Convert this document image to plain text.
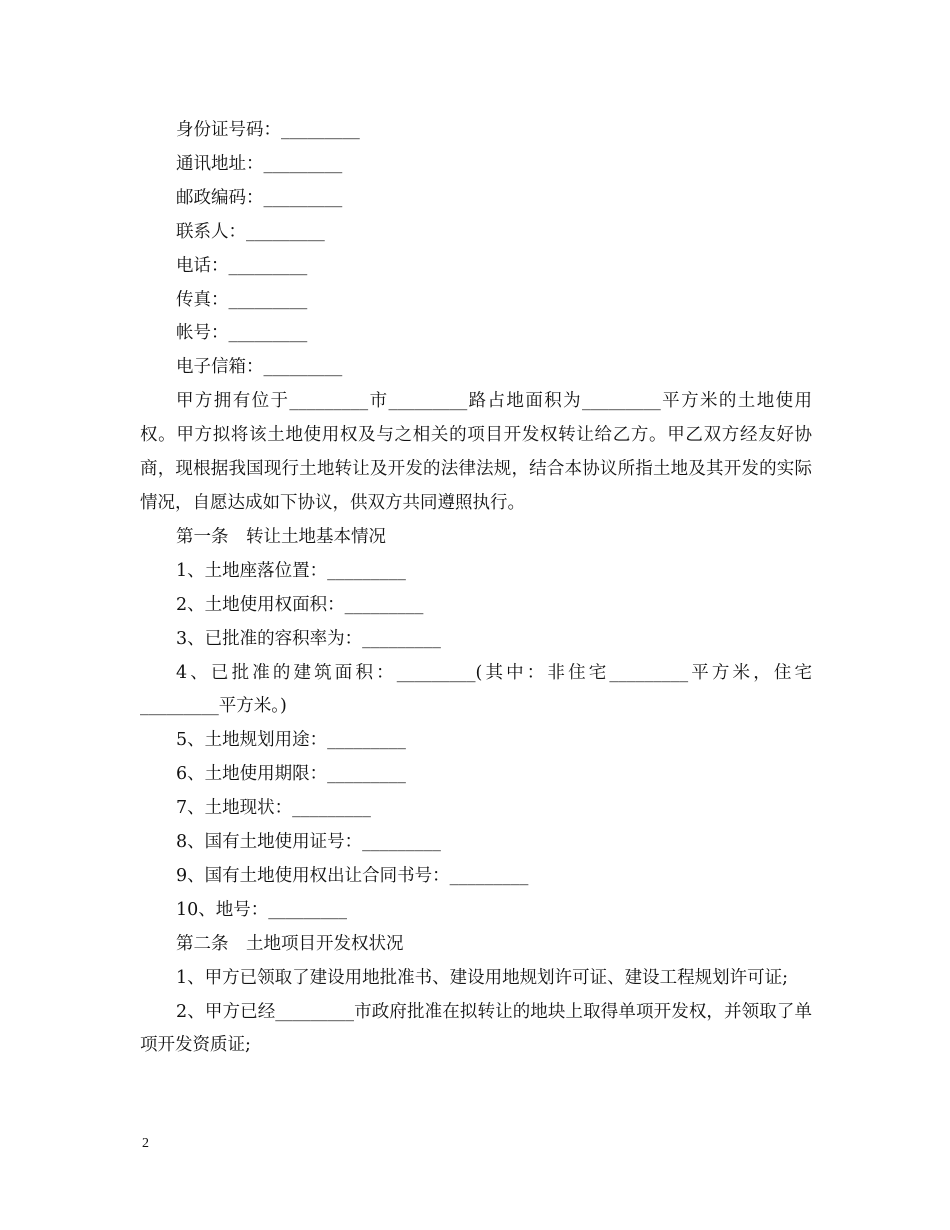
身份证号码：_________
通讯地址：_________
邮政编码：_________
联系人：_________
电话：_________
传真：_________
帐号：_________
电子信箱：_________

甲方拥有位于_________市_________路占地面积为_________平方米的土地使用权。甲方拟将该土地使用权及与之相关的项目开发权转让给乙方。甲乙双方经友好协商，现根据我国现行土地转让及开发的法律法规，结合本协议所指土地及其开发的实际情况，自愿达成如下协议，供双方共同遵照执行。

第一条　转让土地基本情况
1、土地座落位置：_________
2、土地使用权面积：_________
3、已批准的容积率为：_________

4、已批准的建筑面积：_________(其中：非住宅_________平方米，住宅_________平方米。)

5、土地规划用途：_________
6、土地使用期限：_________
7、土地现状：_________
8、国有土地使用证号：_________
9、国有土地使用权出让合同书号：_________
10、地号：_________
第二条　土地项目开发权状况

1、甲方已领取了建设用地批准书、建设用地规划许可证、建设工程规划许可证;

2、甲方已经_________市政府批准在拟转让的地块上取得单项开发权，并领取了单项开发资质证;

2
